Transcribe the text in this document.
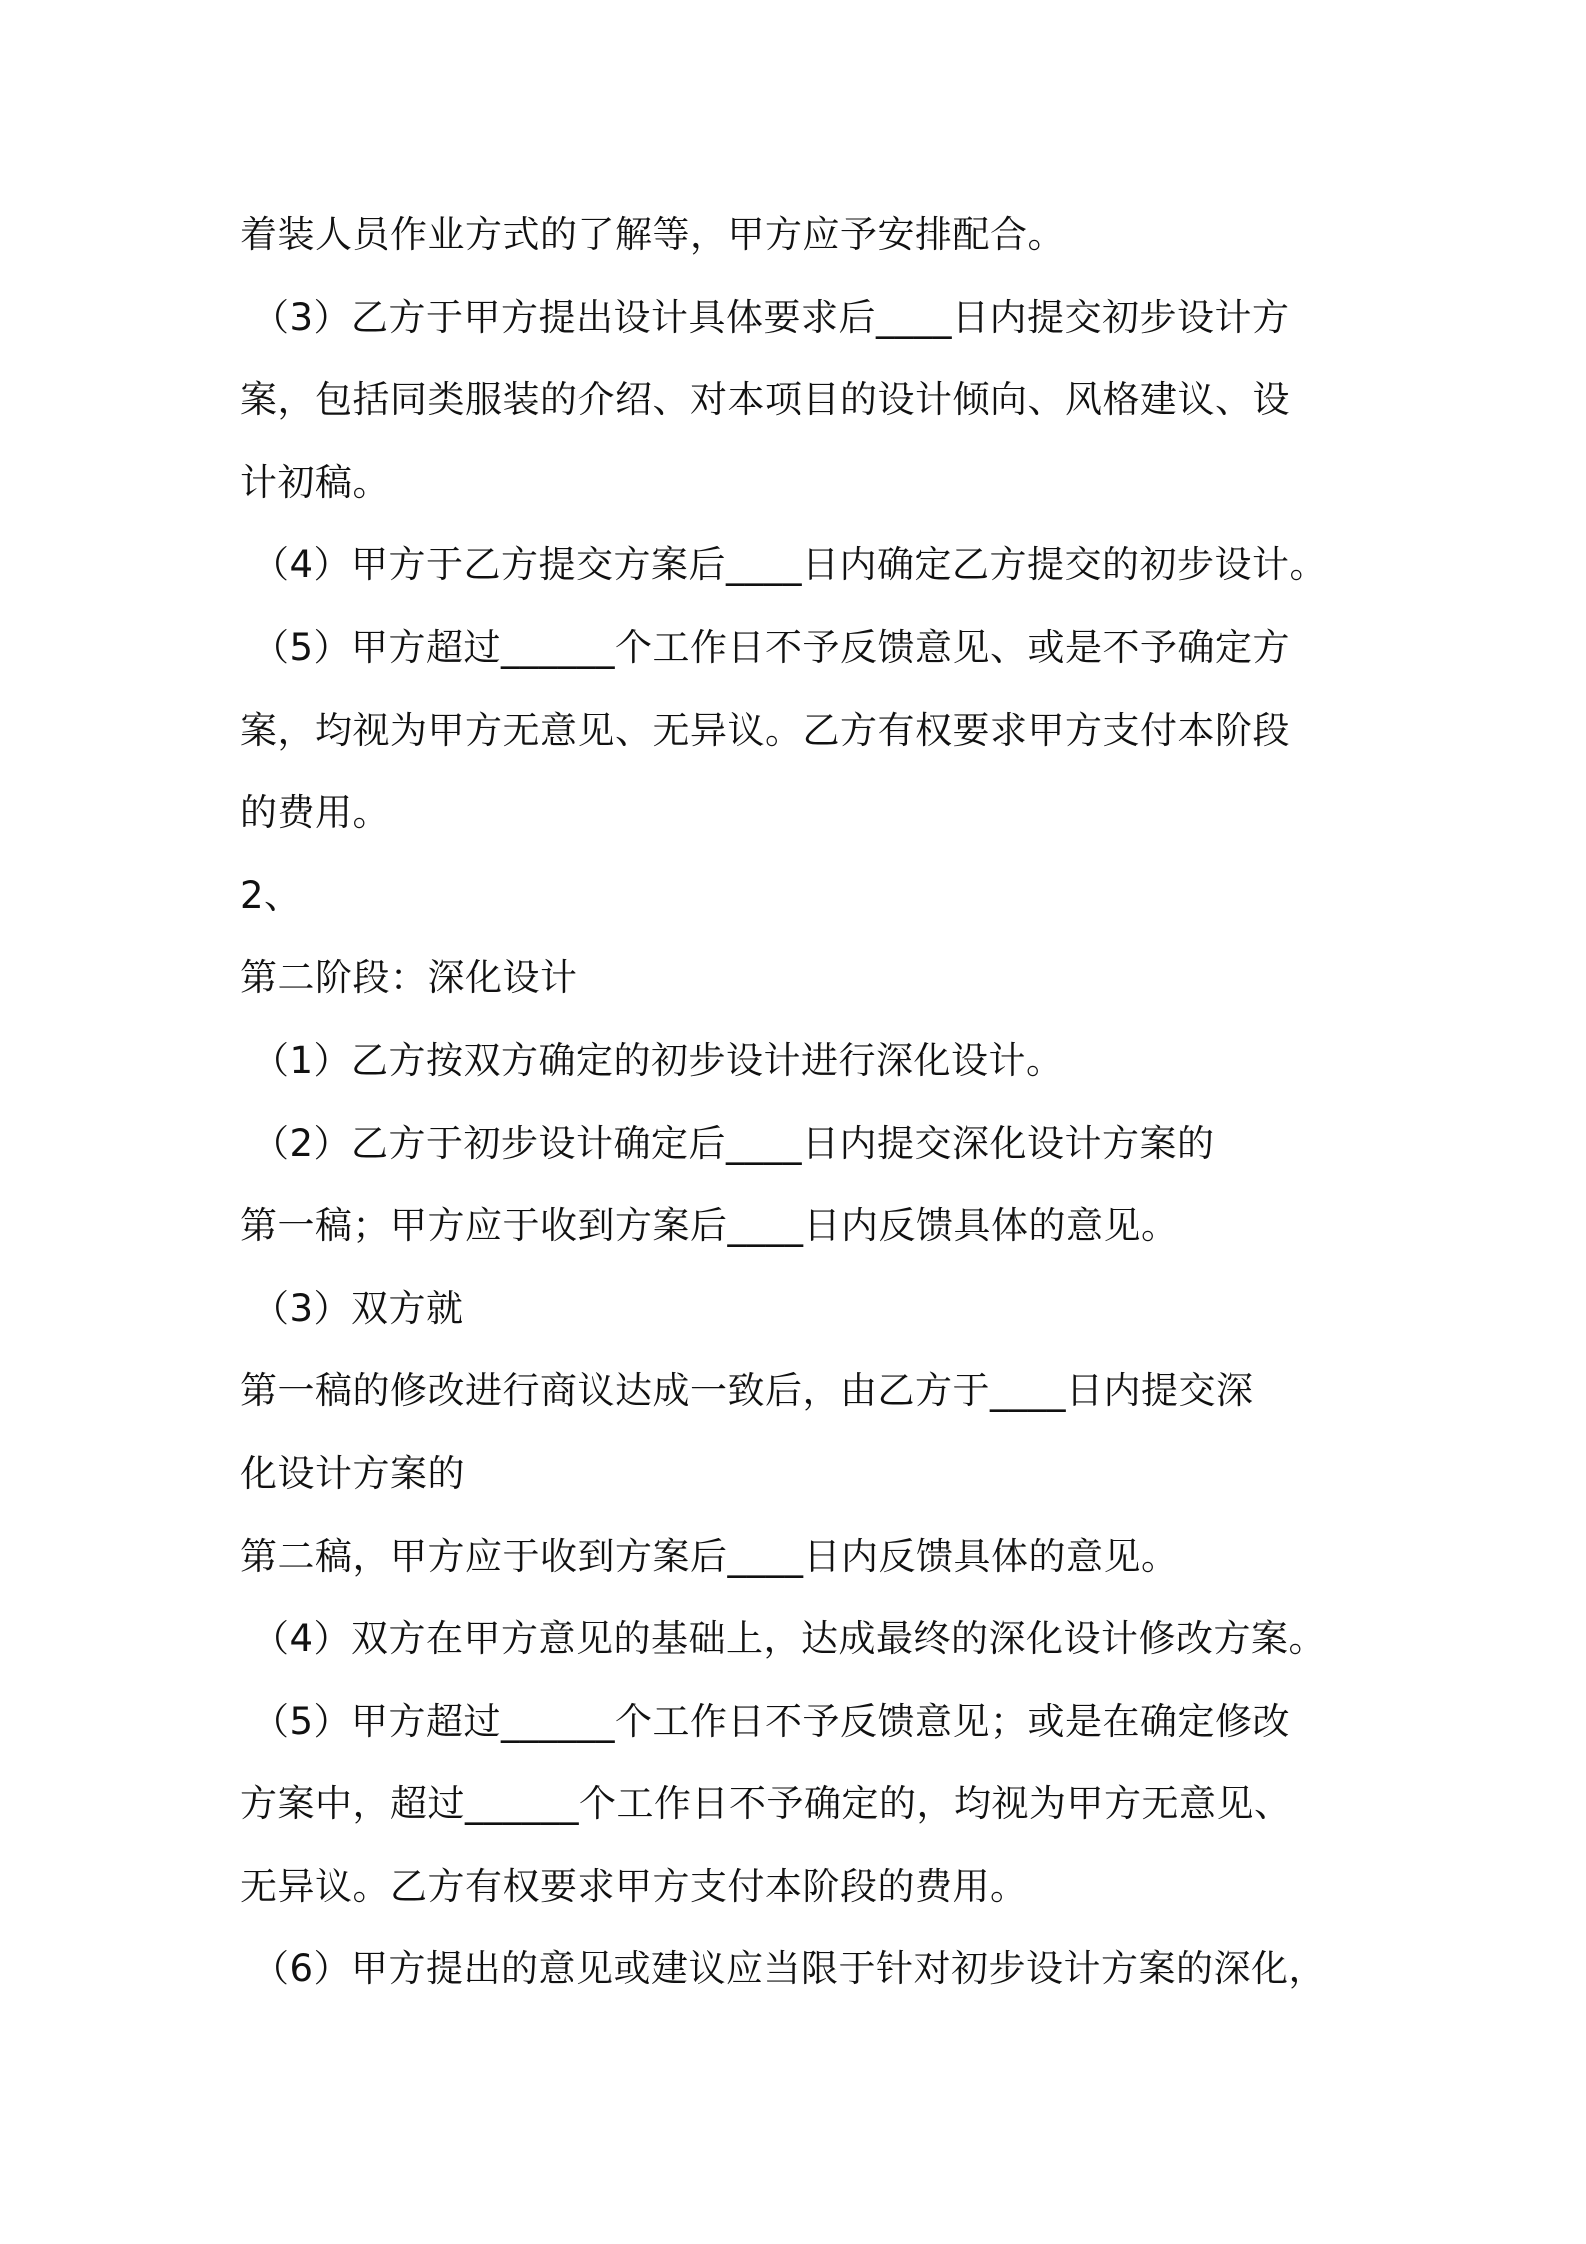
着装人员作业方式的了解等，甲方应予安排配合。
（3）乙方于甲方提出设计具体要求后____日内提交初步设计方
案，包括同类服装的介绍、对本项目的设计倾向、风格建议、设
计初稿。
（4）甲方于乙方提交方案后____日内确定乙方提交的初步设计。
（5）甲方超过______个工作日不予反馈意见、或是不予确定方
案，均视为甲方无意见、无异议。乙方有权要求甲方支付本阶段
的费用。
2、
第二阶段：深化设计
（1）乙方按双方确定的初步设计进行深化设计。
（2）乙方于初步设计确定后____日内提交深化设计方案的
第一稿；甲方应于收到方案后____日内反馈具体的意见。
（3）双方就
第一稿的修改进行商议达成一致后，由乙方于____日内提交深
化设计方案的
第二稿，甲方应于收到方案后____日内反馈具体的意见。
（4）双方在甲方意见的基础上，达成最终的深化设计修改方案。
（5）甲方超过______个工作日不予反馈意见；或是在确定修改
方案中，超过______个工作日不予确定的，均视为甲方无意见、
无异议。乙方有权要求甲方支付本阶段的费用。
（6）甲方提出的意见或建议应当限于针对初步设计方案的深化，
